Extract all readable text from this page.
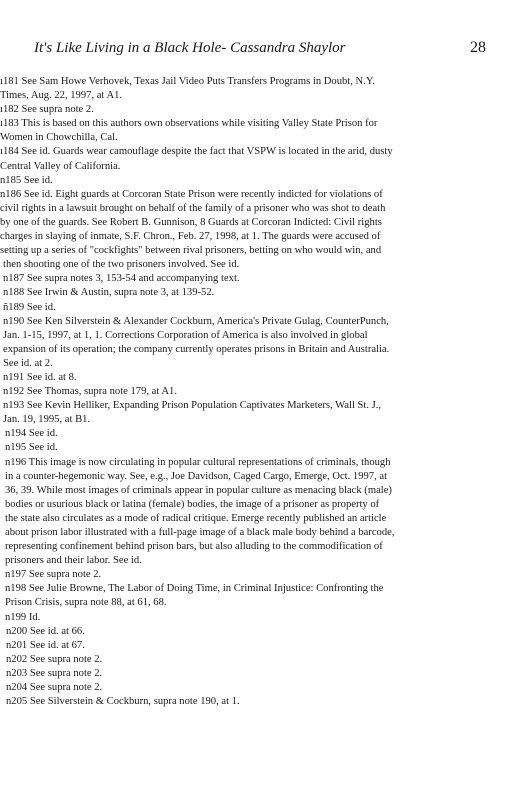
It's Like Living in a Black Hole- Cassandra Shaylor	28
ı181 See Sam Howe Verhovek, Texas Jail Video Puts Transfers Programs in Doubt, N.Y.
Times, Aug. 22, 1997, at A1.
ı182 See supra note 2.
ı183 This is based on this authors own observations while visiting Valley State Prison for
Women in Chowchilla, Cal.
ı184 See id. Guards wear camouflage despite the fact that VSPW is located in the arid, dusty
Central Valley of California.
n185 See id.
n186 See id. Eight guards at Corcoran State Prison were recently indicted for violations of
civil rights in a lawsuit brought on behalf of the family of a prisoner who was shot to death
by one of the guards. See Robert B. Gunnison, 8 Guards at Corcoran Indicted: Civil rights
charges in slaying of inmate, S.F. Chron., Feb. 27, 1998, at 1. The guards were accused of
setting up a series of "cockfights" between rival prisoners, betting on who would win, and
then shooting one of the two prisoners involved. See id.
n187 See supra notes 3, 153-54 and accompanying text.
n188 See Irwin & Austin, supra note 3, at 139-52.
ñ189 See id.
n190 See Ken Silverstein & Alexander Cockburn, America's Private Gulag, CounterPunch,
Jan. 1-15, 1997, at 1, 1. Corrections Corporation of America is also involved in global
expansion of its operation; the company currently operates prisons in Britain and Australia.
See id. at 2.
n191 See id. at 8.
n192 See Thomas, supra note 179, at A1.
n193 See Kevin Helliker, Expanding Prison Population Captivates Marketers, Wall St. J.,
Jan. 19, 1995, at B1.
n194 See id.
n195 See id.
n196 This image is now circulating in popular cultural representations of criminals, though
in a counter-hegemonic way. See, e.g., Joe Davidson, Caged Cargo, Emerge, Oct. 1997, at
36, 39. While most images of criminals appear in popular culture as menacing black (male)
bodies or usurious black or latina (female) bodies, the image of a prisoner as property of
the state also circulates as a mode of radical critique. Emerge recently published an article
about prison labor illustrated with a full-page image of a black male body behind a barcode,
representing confinement behind prison bars, but also alluding to the commodification of
prisoners and their labor. See id.
n197 See supra note 2.
n198 See Julie Browne, The Labor of Doing Time, in Criminal Injustice: Confronting the
Prison Crisis, supra note 88, at 61, 68.
n199 Id.
n200 See id. at 66.
n201 See id. at 67.
n202 See supra note 2.
n203 See supra note 2.
n204 See supra note 2.
n205 See Silverstein & Cockburn, supra note 190, at 1.
